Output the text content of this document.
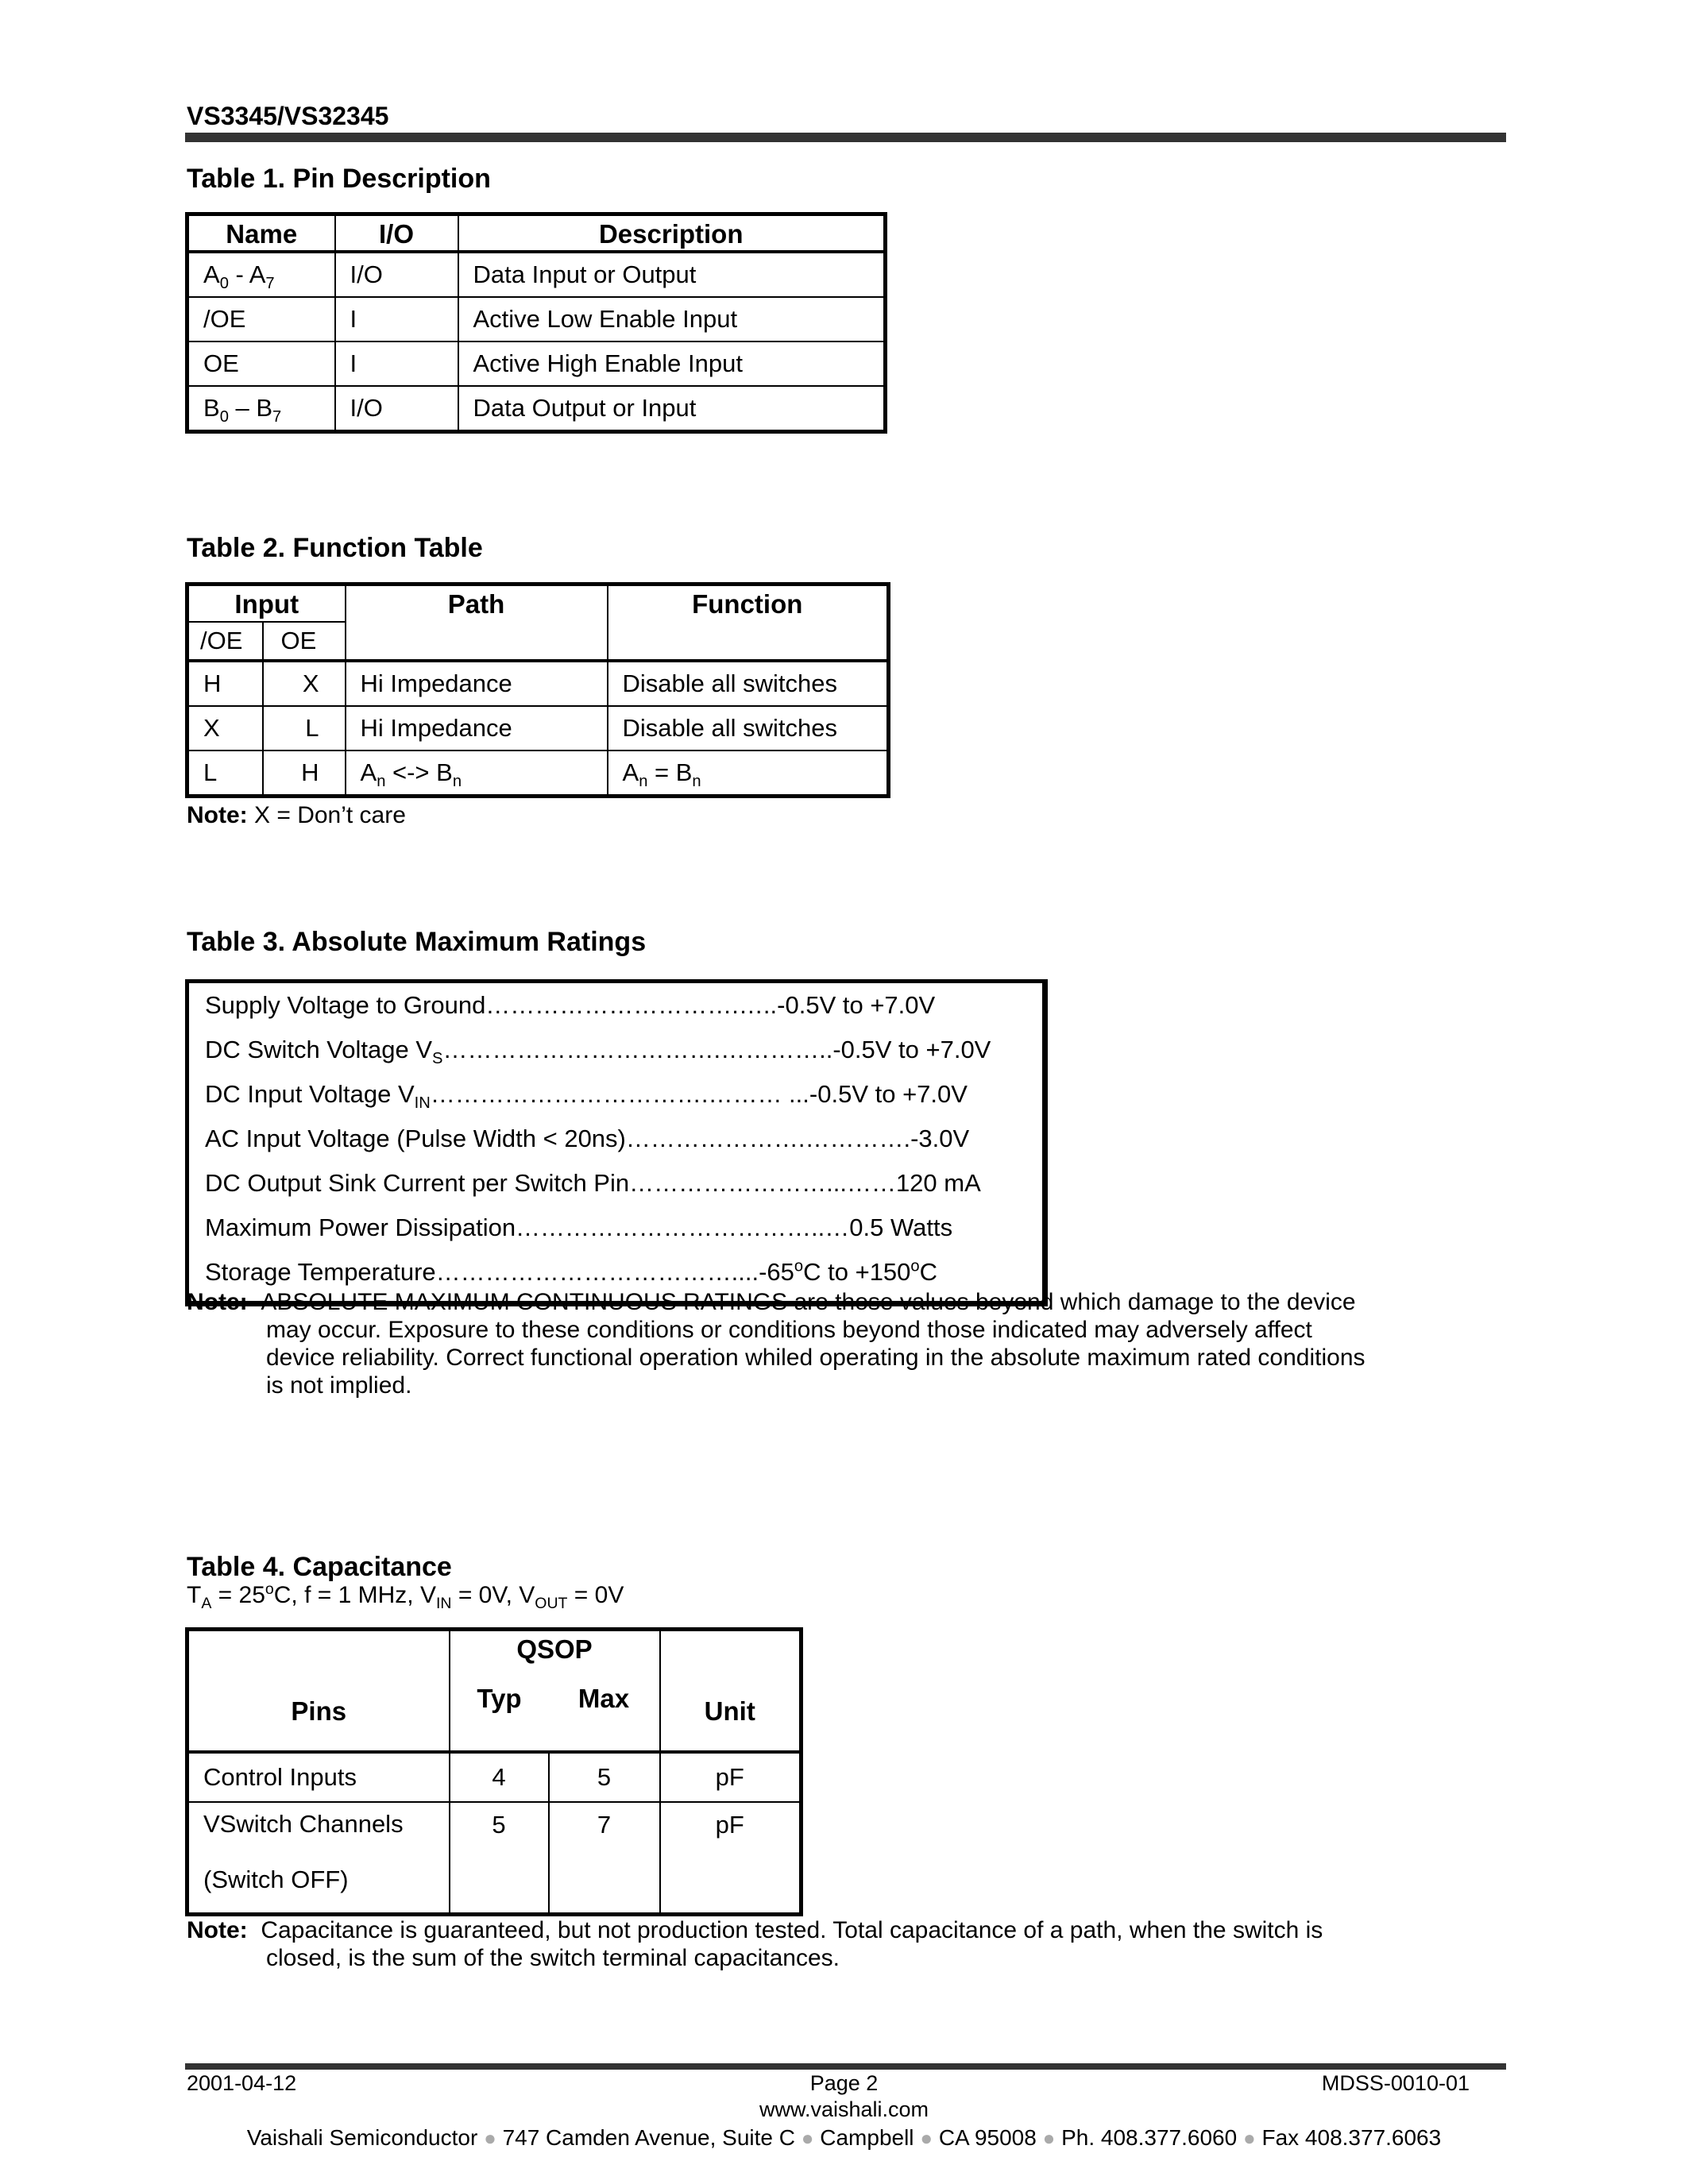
VS3345/VS32345
Table 1. Pin Description
Name	I/O	Description
$A_0 - A_7$	I/O	Data Input or Output
/OE	I	Active Low Enable Input
OE	I	Active High Enable Input
$B_0 - B_7$	I/O	Data Output or Input
Table 2. Function Table
Input		Path	Function
/OE	OE		
H	X	Hi Impedance	Disable all switches
X	L	Hi Impedance	Disable all switches
L	H	$A_n$ <-> $B_n$	$A_n = B_n$
Note: X = Don’t care
Table 3. Absolute Maximum Ratings
Supply Voltage to Ground………………………….…..-0.5V to +7.0V
DC Switch Voltage $V_S\dots\dots\dots\dots\dots\dots\dots\dots\dots\dots\dots.\dots\dots\dots\dots..-0.5V$ to +7.0V
DC Input Voltage $V_{IN}\dots\dots\dots\dots\dots\dots\dots\dots\dots\dots\dots.\dots\dots\dots$ ...-0.5V to +7.0V
AC Input Voltage (Pulse Width < 20ns)………………….………….-3.0V
DC Output Sink Current per Switch Pin……………………...……120 mA
Maximum Power Dissipation………………………………..…0.5 Watts
Storage Temperature………………………………....-65$^o$C to $+150^oC$
Note: ABSOLUTE MAXIMUM CONTINUOUS RATINGS are those values beyond which damage to the device
may occur. Exposure to these conditions or conditions beyond those indicated may adversely affect
device reliability. Correct functional operation whiled operating in the absolute maximum rated conditions
is not implied.
Table 4. Capacitance
$T_A = 25^oC$, f = 1 MHz, $V_{IN} = 0V$, $V_{OUT} = 0V$
Pins	QSOP		Unit
	Typ	Max	
Control Inputs	4	5	pF

VSwitch Channels
(Switch OFF)	5	7	pF
Note: Capacitance is guaranteed, but not production tested. Total capacitance of a path, when the switch is
closed, is the sum of the switch terminal capacitances.
2001-04-12	Page 2	MDSS-0010-01
www.vaishali.com
Vaishali Semiconductor ● 747 Camden Avenue, Suite C ● Campbell ● CA 95008 ● Ph. 408.377.6060 ● Fax 408.377.6063
